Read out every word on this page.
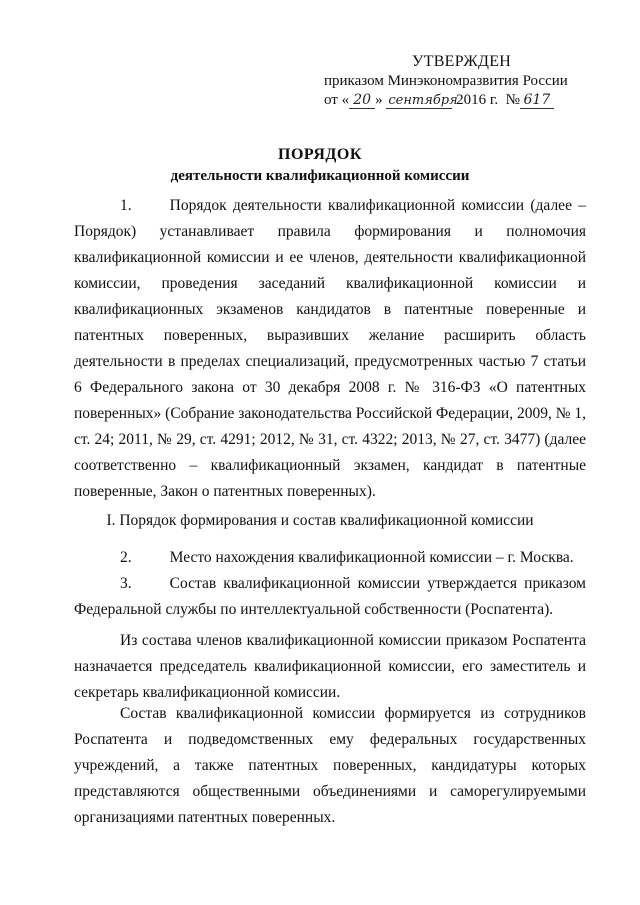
УТВЕРЖДЕН
приказом Минэкономразвития России
от « 20 » сентября 2016 г. № 617
ПОРЯДОК
деятельности квалификационной комиссии
1. Порядок деятельности квалификационной комиссии (далее – Порядок) устанавливает правила формирования и полномочия квалификационной комиссии и ее членов, деятельности квалификационной комиссии, проведения заседаний квалификационной комиссии и квалификационных экзаменов кандидатов в патентные поверенные и патентных поверенных, выразивших желание расширить область деятельности в пределах специализаций, предусмотренных частью 7 статьи 6 Федерального закона от 30 декабря 2008 г. № 316-ФЗ «О патентных поверенных» (Собрание законодательства Российской Федерации, 2009, № 1, ст. 24; 2011, № 29, ст. 4291; 2012, № 31, ст. 4322; 2013, № 27, ст. 3477) (далее соответственно – квалификационный экзамен, кандидат в патентные поверенные, Закон о патентных поверенных).
I. Порядок формирования и состав квалификационной комиссии
2. Место нахождения квалификационной комиссии – г. Москва.
3. Состав квалификационной комиссии утверждается приказом Федеральной службы по интеллектуальной собственности (Роспатента).
Из состава членов квалификационной комиссии приказом Роспатента назначается председатель квалификационной комиссии, его заместитель и секретарь квалификационной комиссии.
Состав квалификационной комиссии формируется из сотрудников Роспатента и подведомственных ему федеральных государственных учреждений, а также патентных поверенных, кандидатуры которых представляются общественными объединениями и саморегулируемыми организациями патентных поверенных.
